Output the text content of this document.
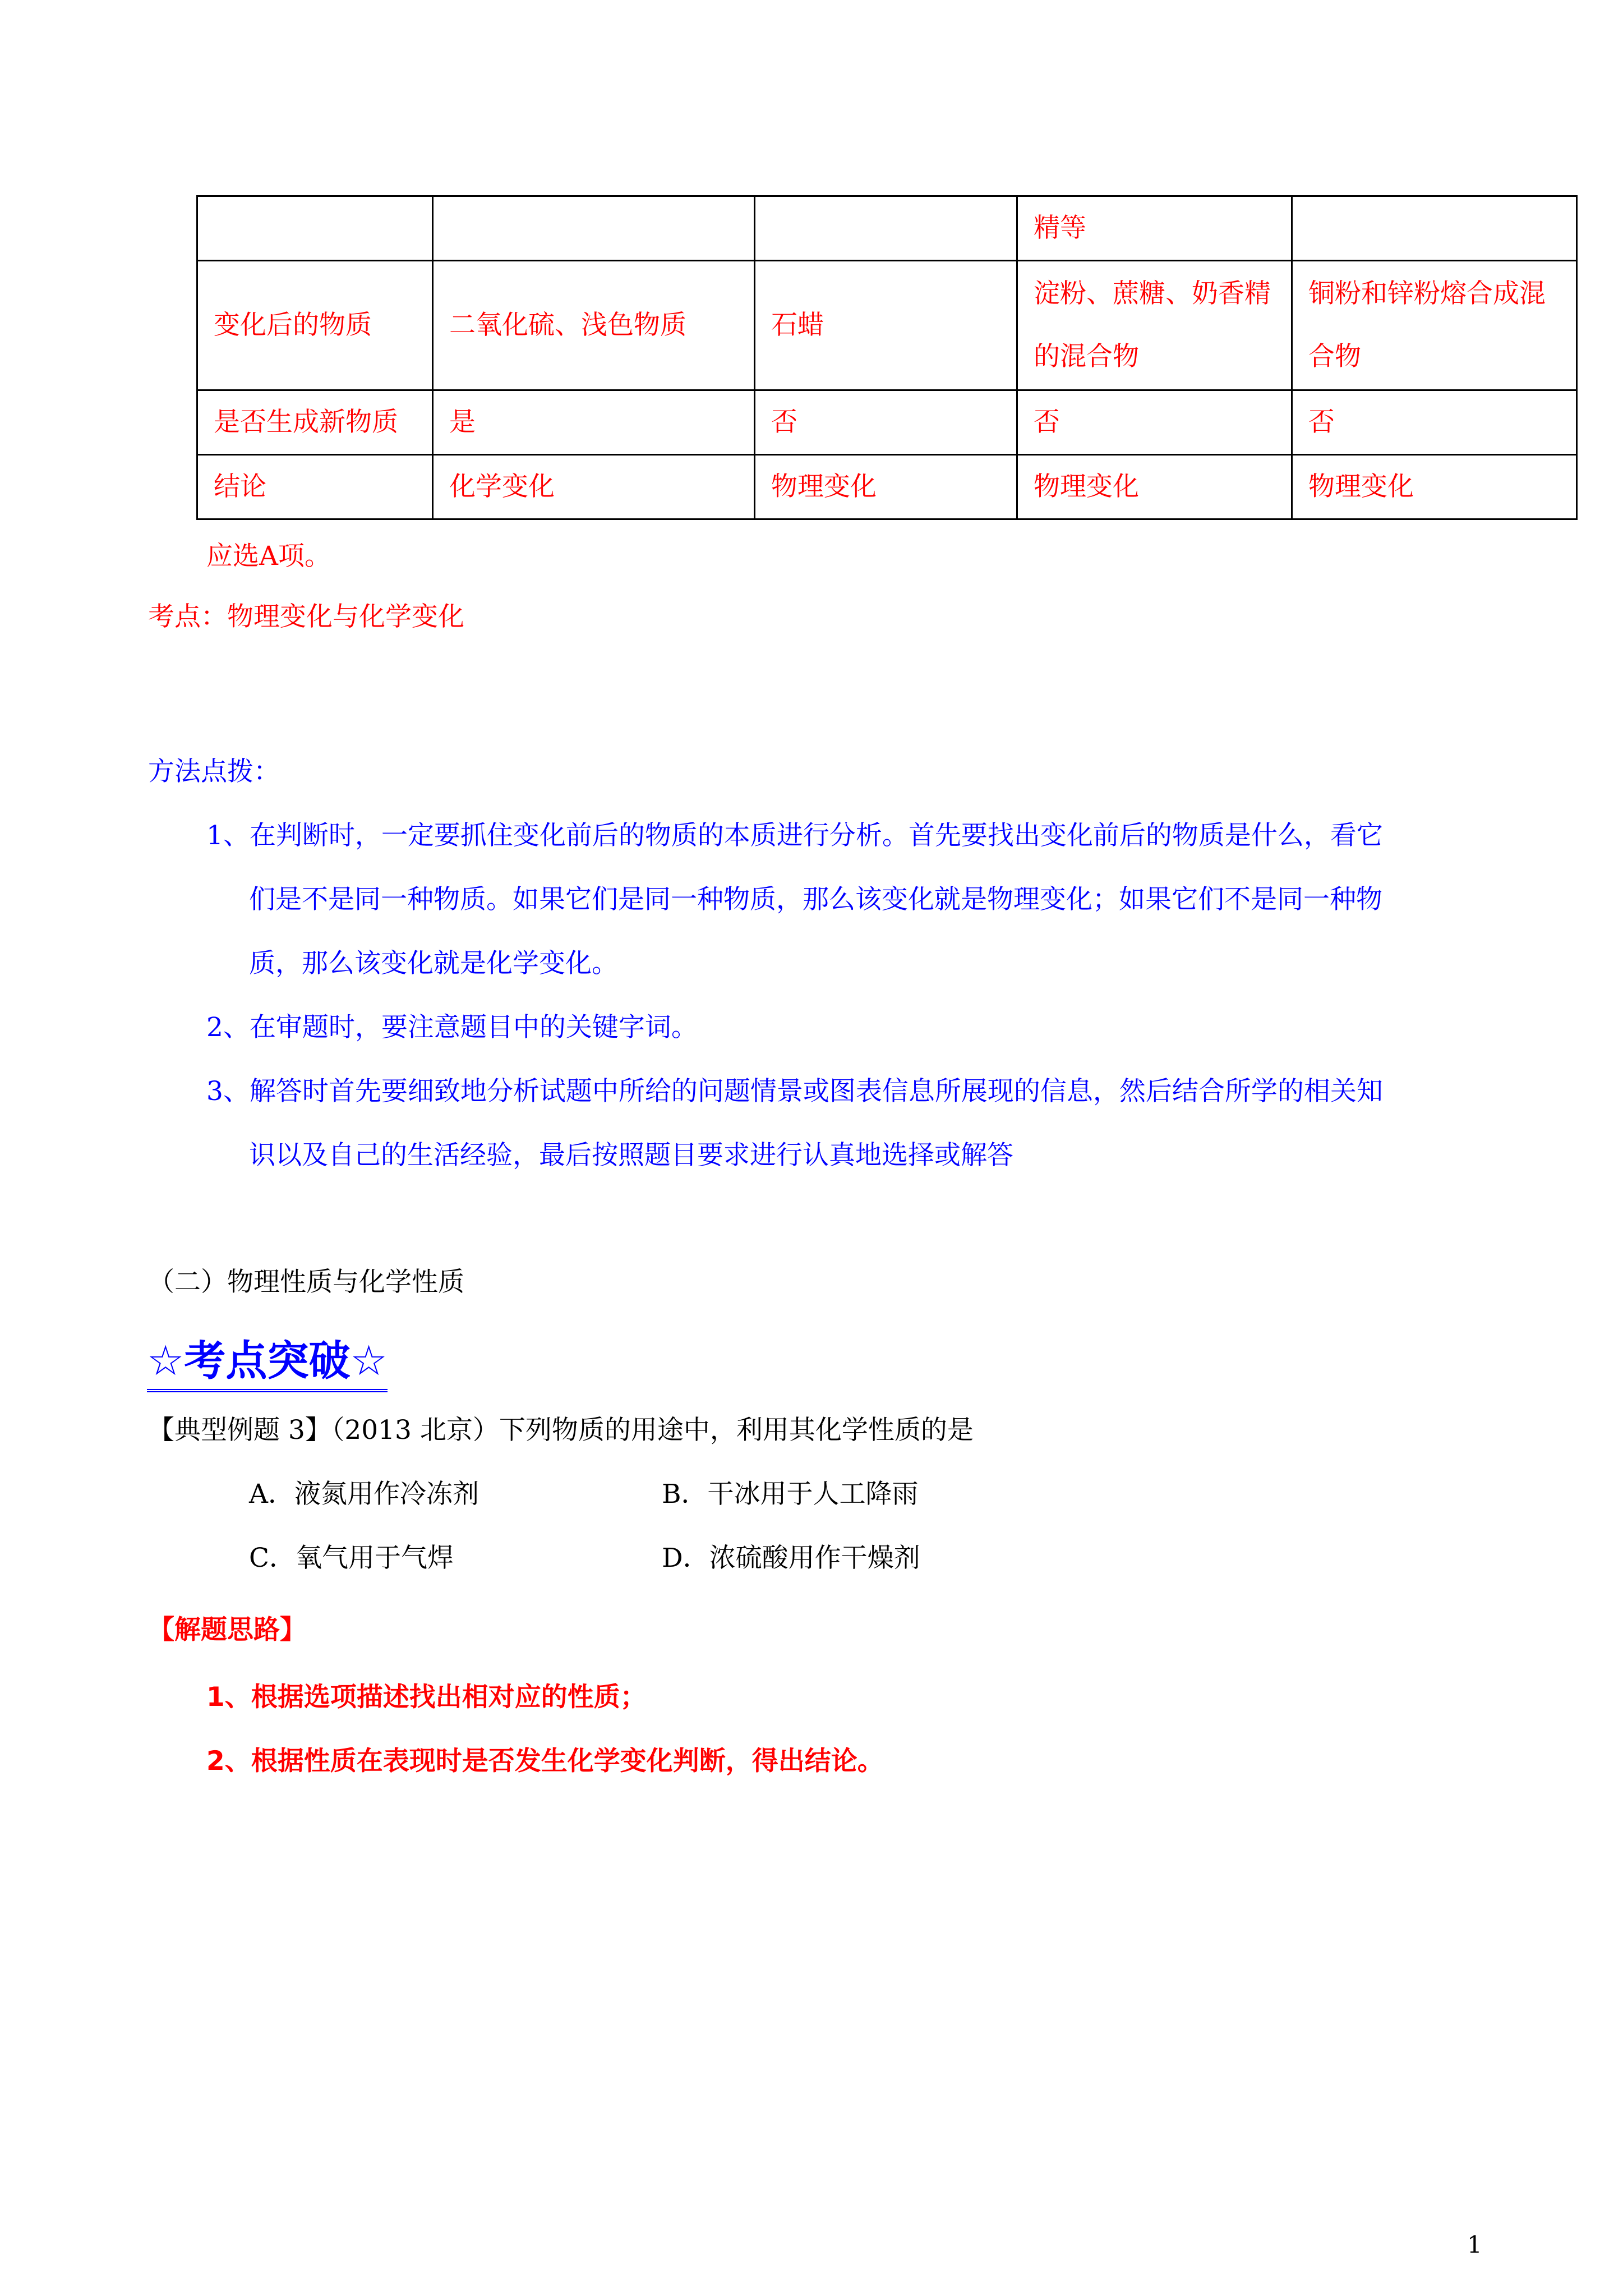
			精等	
变化后的物质	二氧化硫、浅色物质	石蜡	淀粉、蔗糖、奶香精的混合物	铜粉和锌粉熔合成混合物
是否生成新物质	是	否	否	否
结论	化学变化	物理变化	物理变化	物理变化
应选A项。
考点：物理变化与化学变化
方法点拨：
1、在判断时，一定要抓住变化前后的物质的本质进行分析。首先要找出变化前后的物质是什么，看它
们是不是同一种物质。如果它们是同一种物质，那么该变化就是物理变化；如果它们不是同一种物
质，那么该变化就是化学变化。
2、在审题时，要注意题目中的关键字词。
3、解答时首先要细致地分析试题中所给的问题情景或图表信息所展现的信息，然后结合所学的相关知
识以及自己的生活经验，最后按照题目要求进行认真地选择或解答
（二）物理性质与化学性质
☆考点突破☆
【典型例题 3】（2013 北京）下列物质的用途中，利用其化学性质的是
A．液氮用作冷冻剂	B．干冰用于人工降雨
C．氧气用于气焊	D．浓硫酸用作干燥剂
【解题思路】
1、根据选项描述找出相对应的性质；
2、根据性质在表现时是否发生化学变化判断，得出结论。
1
